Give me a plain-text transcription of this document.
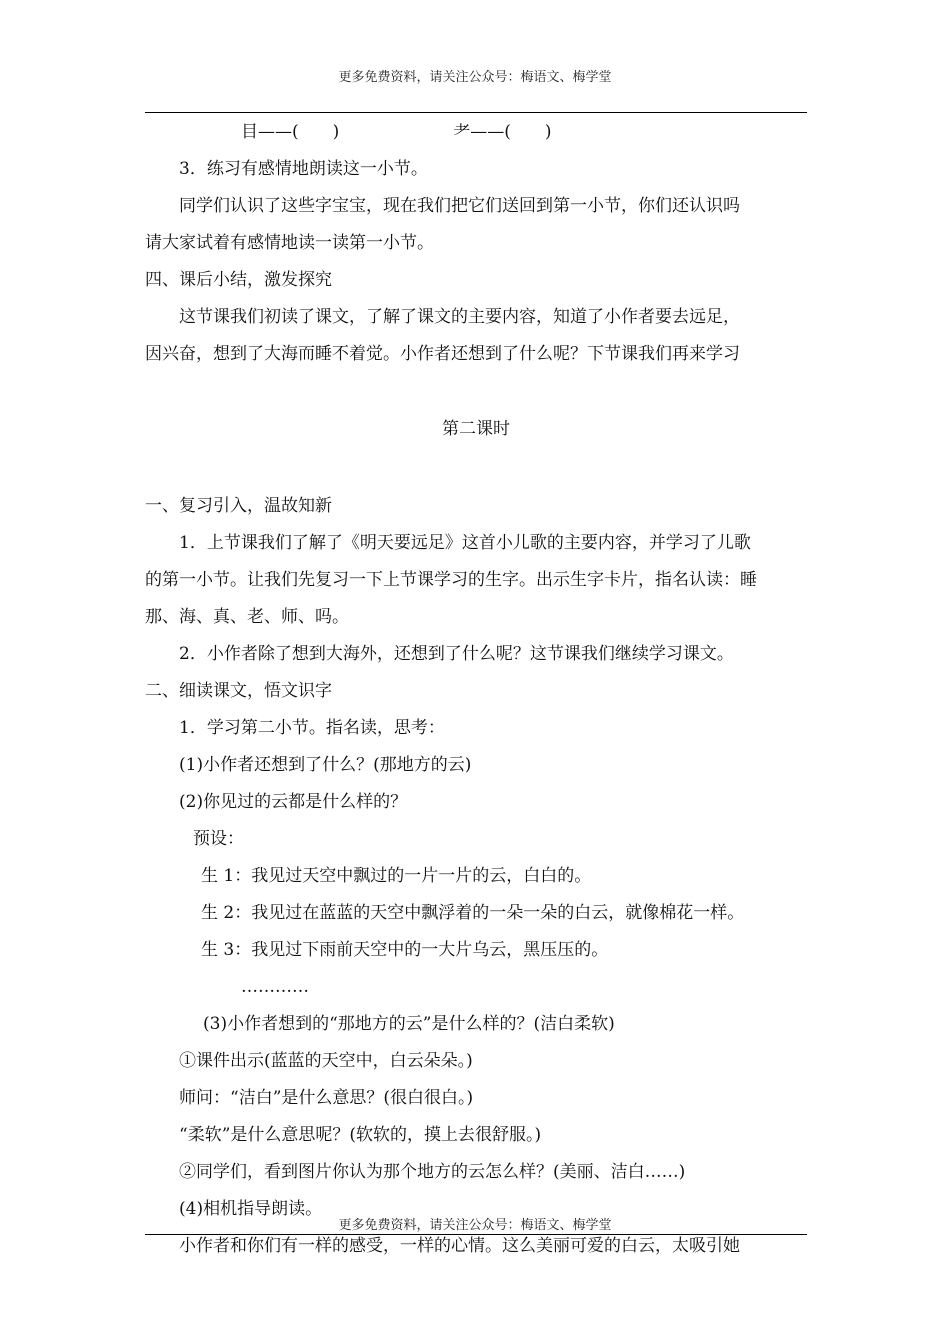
更多免费资料，请关注公众号：梅语文、梅学堂
目——(　　)	⺹——(　　)
3．练习有感情地朗读这一小节。
同学们认识了这些字宝宝，现在我们把它们送回到第一小节，你们还认识吗
请大家试着有感情地读一读第一小节。
四、课后小结，激发探究
这节课我们初读了课文，了解了课文的主要内容，知道了小作者要去远足，
因兴奋，想到了大海而睡不着觉。小作者还想到了什么呢？下节课我们再来学习
第二课时
一、复习引入，温故知新
1．上节课我们了解了《明天要远足》这首小儿歌的主要内容，并学习了儿歌
的第一小节。让我们先复习一下上节课学习的生字。出示生字卡片，指名认读：睡
那、海、真、老、师、吗。
2．小作者除了想到大海外，还想到了什么呢？这节课我们继续学习课文。
二、细读课文，悟文识字
1．学习第二小节。指名读，思考：
(1)小作者还想到了什么？(那地方的云)
(2)你见过的云都是什么样的？
预设：
生 1：我见过天空中飘过的一片一片的云，白白的。
生 2：我见过在蓝蓝的天空中飘浮着的一朵一朵的白云，就像棉花一样。
生 3：我见过下雨前天空中的一大片乌云，黑压压的。
…………
(3)小作者想到的“那地方的云”是什么样的？(洁白柔软)
①课件出示(蓝蓝的天空中，白云朵朵。)
师问：“洁白”是什么意思？(很白很白。)
“柔软”是什么意思呢？(软软的，摸上去很舒服。)
②同学们，看到图片你认为那个地方的云怎么样？(美丽、洁白……)
(4)相机指导朗读。
小作者和你们有一样的感受，一样的心情。这么美丽可爱的白云，太吸引她
更多免费资料，请关注公众号：梅语文、梅学堂
